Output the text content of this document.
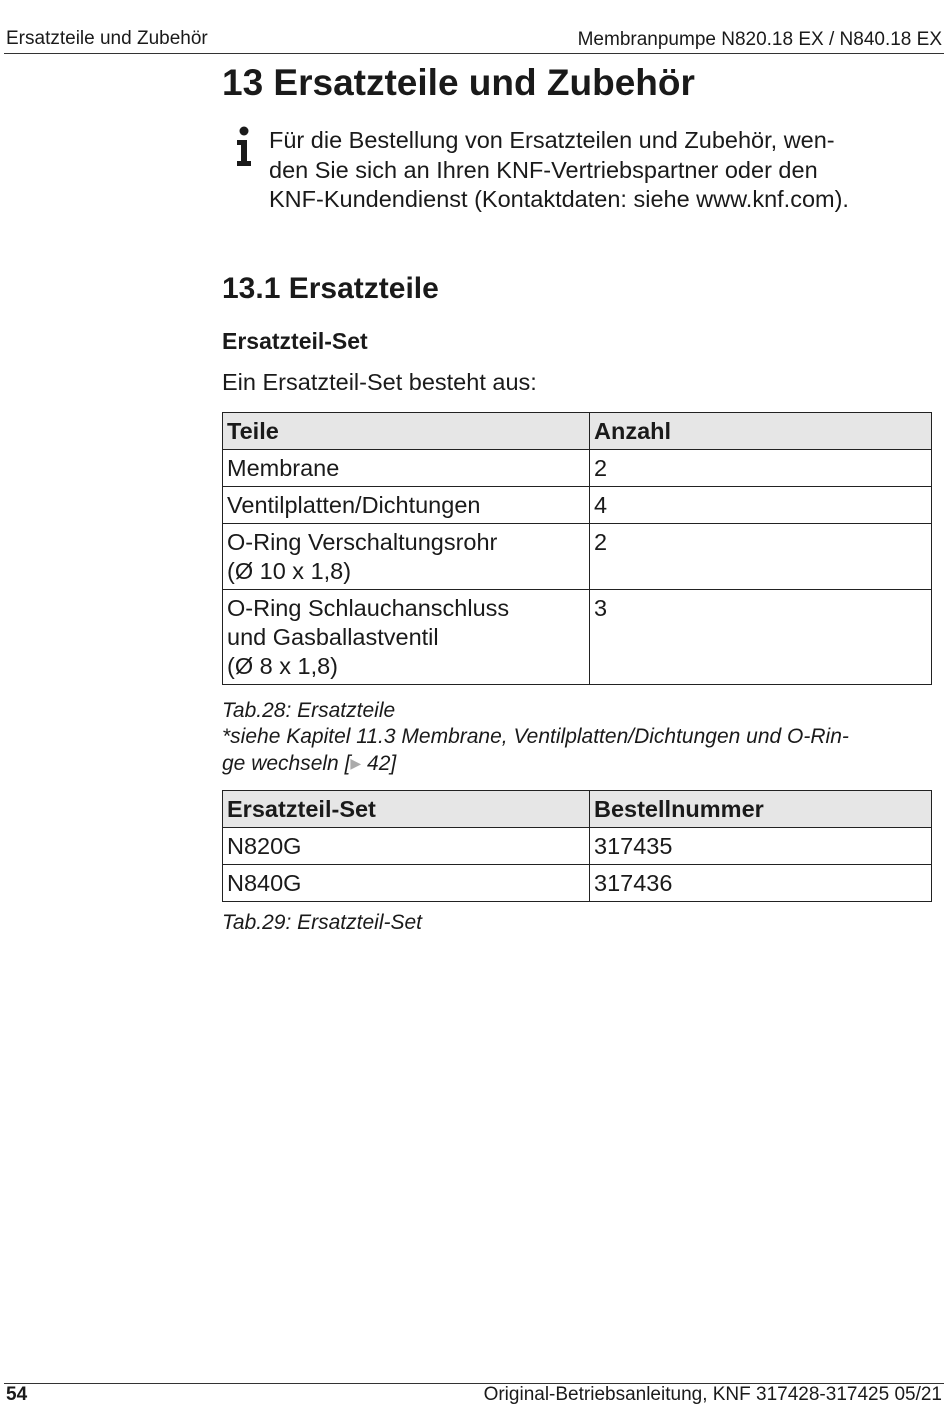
Ersatzteile und Zubehör	Membranpumpe N820.18 EX / N840.18 EX
13 Ersatzteile und Zubehör

Für die Bestellung von Ersatzteilen und Zubehör, wen-
den Sie sich an Ihren KNF-Vertriebspartner oder den
KNF-Kundendienst (Kontaktdaten: siehe www.knf.com).

13.1 Ersatzteile
Ersatzteil-Set

Ein Ersatzteil-Set besteht aus:

Teile	Anzahl
Membrane	2
Ventilplatten/Dichtungen	4
O-Ring Verschaltungsrohr
(Ø 10 x 1,8)	2
O-Ring Schlauchanschluss
und Gasballastventil
(Ø 8 x 1,8)	3

Tab.28: Ersatzteile

*siehe Kapitel 11.3 Membrane, Ventilplatten/Dichtungen und O-Rin-
ge wechseln [▶ 42]

Ersatzteil-Set	Bestellnummer
N820G	317435
N840G	317436

Tab.29: Ersatzteil-Set

54	Original-Betriebsanleitung, KNF 317428-317425 05/21
